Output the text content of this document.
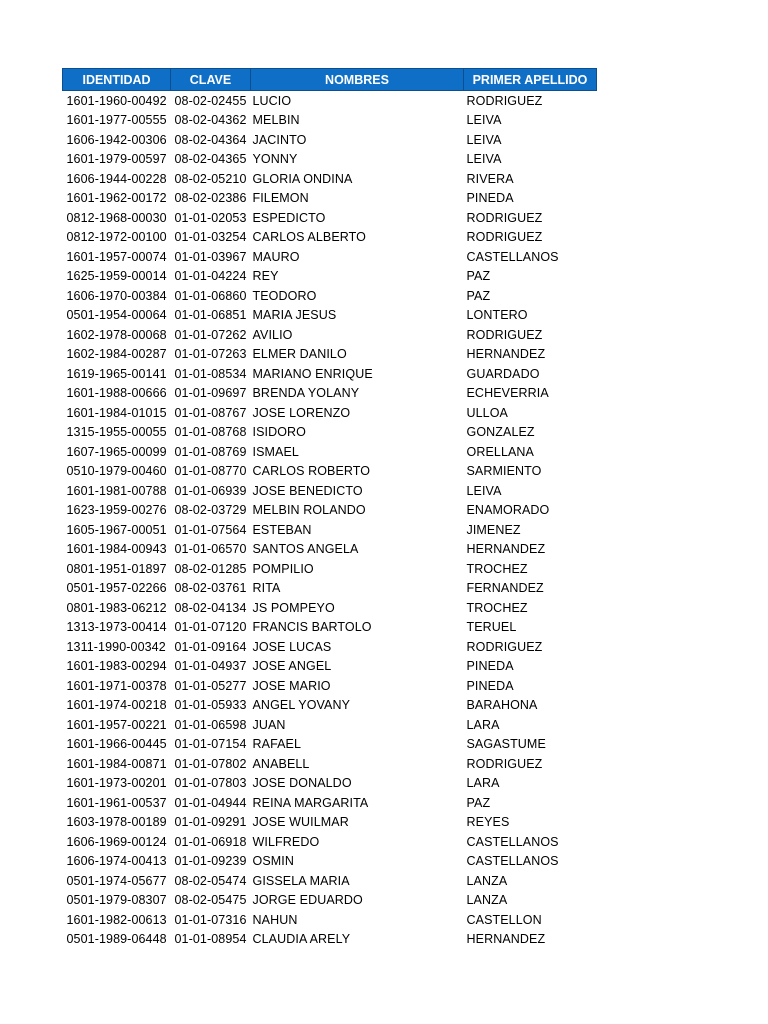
IDENTIDAD	CLAVE	NOMBRES	PRIMER APELLIDO
1601-1960-00492	08-02-02455	LUCIO	RODRIGUEZ
1601-1977-00555	08-02-04362	MELBIN	LEIVA
1606-1942-00306	08-02-04364	JACINTO	LEIVA
1601-1979-00597	08-02-04365	YONNY	LEIVA
1606-1944-00228	08-02-05210	GLORIA ONDINA	RIVERA
1601-1962-00172	08-02-02386	FILEMON	PINEDA
0812-1968-00030	01-01-02053	ESPEDICTO	RODRIGUEZ
0812-1972-00100	01-01-03254	CARLOS ALBERTO	RODRIGUEZ
1601-1957-00074	01-01-03967	MAURO	CASTELLANOS
1625-1959-00014	01-01-04224	REY	PAZ
1606-1970-00384	01-01-06860	TEODORO	PAZ
0501-1954-00064	01-01-06851	MARIA JESUS	LONTERO
1602-1978-00068	01-01-07262	AVILIO	RODRIGUEZ
1602-1984-00287	01-01-07263	ELMER DANILO	HERNANDEZ
1619-1965-00141	01-01-08534	MARIANO ENRIQUE	GUARDADO
1601-1988-00666	01-01-09697	BRENDA YOLANY	ECHEVERRIA
1601-1984-01015	01-01-08767	JOSE LORENZO	ULLOA
1315-1955-00055	01-01-08768	ISIDORO	GONZALEZ
1607-1965-00099	01-01-08769	ISMAEL	ORELLANA
0510-1979-00460	01-01-08770	CARLOS ROBERTO	SARMIENTO
1601-1981-00788	01-01-06939	JOSE BENEDICTO	LEIVA
1623-1959-00276	08-02-03729	MELBIN ROLANDO	ENAMORADO
1605-1967-00051	01-01-07564	ESTEBAN	JIMENEZ
1601-1984-00943	01-01-06570	SANTOS ANGELA	HERNANDEZ
0801-1951-01897	08-02-01285	POMPILIO	TROCHEZ
0501-1957-02266	08-02-03761	RITA	FERNANDEZ
0801-1983-06212	08-02-04134	JS POMPEYO	TROCHEZ
1313-1973-00414	01-01-07120	FRANCIS BARTOLO	TERUEL
1311-1990-00342	01-01-09164	JOSE LUCAS	RODRIGUEZ
1601-1983-00294	01-01-04937	JOSE ANGEL	PINEDA
1601-1971-00378	01-01-05277	JOSE MARIO	PINEDA
1601-1974-00218	01-01-05933	ANGEL YOVANY	BARAHONA
1601-1957-00221	01-01-06598	JUAN	LARA
1601-1966-00445	01-01-07154	RAFAEL	SAGASTUME
1601-1984-00871	01-01-07802	ANABELL	RODRIGUEZ
1601-1973-00201	01-01-07803	JOSE DONALDO	LARA
1601-1961-00537	01-01-04944	REINA MARGARITA	PAZ
1603-1978-00189	01-01-09291	JOSE WUILMAR	REYES
1606-1969-00124	01-01-06918	WILFREDO	CASTELLANOS
1606-1974-00413	01-01-09239	OSMIN	CASTELLANOS
0501-1974-05677	08-02-05474	GISSELA MARIA	LANZA
0501-1979-08307	08-02-05475	JORGE EDUARDO	LANZA
1601-1982-00613	01-01-07316	NAHUN	CASTELLON
0501-1989-06448	01-01-08954	CLAUDIA ARELY	HERNANDEZ
